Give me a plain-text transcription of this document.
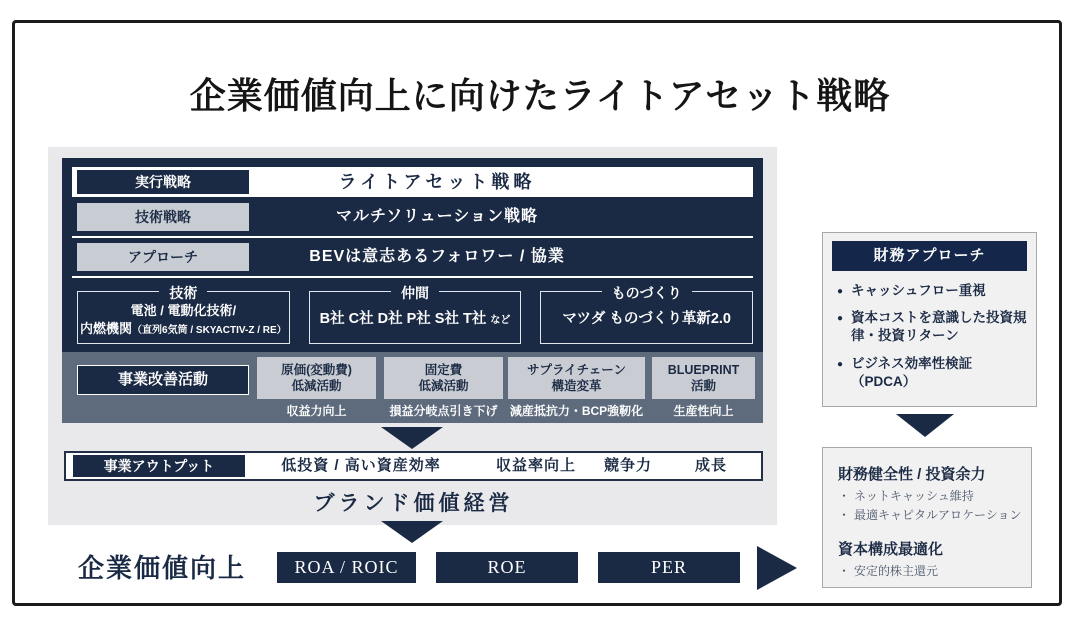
企業価値向上に向けたライトアセット戦略
実行戦略	ライトアセット戦略
技術戦略	マルチソリューション戦略
アプローチ	BEVは意志あるフォロワー / 協業
技術
電池 / 電動化技術/
内燃機関（直列6気筒 / SKYACTIV-Z / RE）
仲間
B社 C社 D社 P社 S社 T社 など
ものづくり
マツダ ものづくり革新2.0
事業改善活動
原価(変動費)
低減活動
収益力向上
固定費
低減活動
損益分岐点引き下げ
サプライチェーン
構造変革
減産抵抗力・BCP強靭化
BLUEPRINT
活動
生産性向上
事業アウトプット	低投資 / 高い資産効率	収益率向上 競争力	成長
ブランド価値経営
企業価値向上	ROA / ROIC	ROE	PER
財務アプローチ
● キャッシュフロー重視
● 資本コストを意識した投資規律・投資リターン
● ビジネス効率性検証（PDCA）
財務健全性 / 投資余力
・ ネットキャッシュ維持
・ 最適キャピタルアロケーション
資本構成最適化
・ 安定的株主還元
